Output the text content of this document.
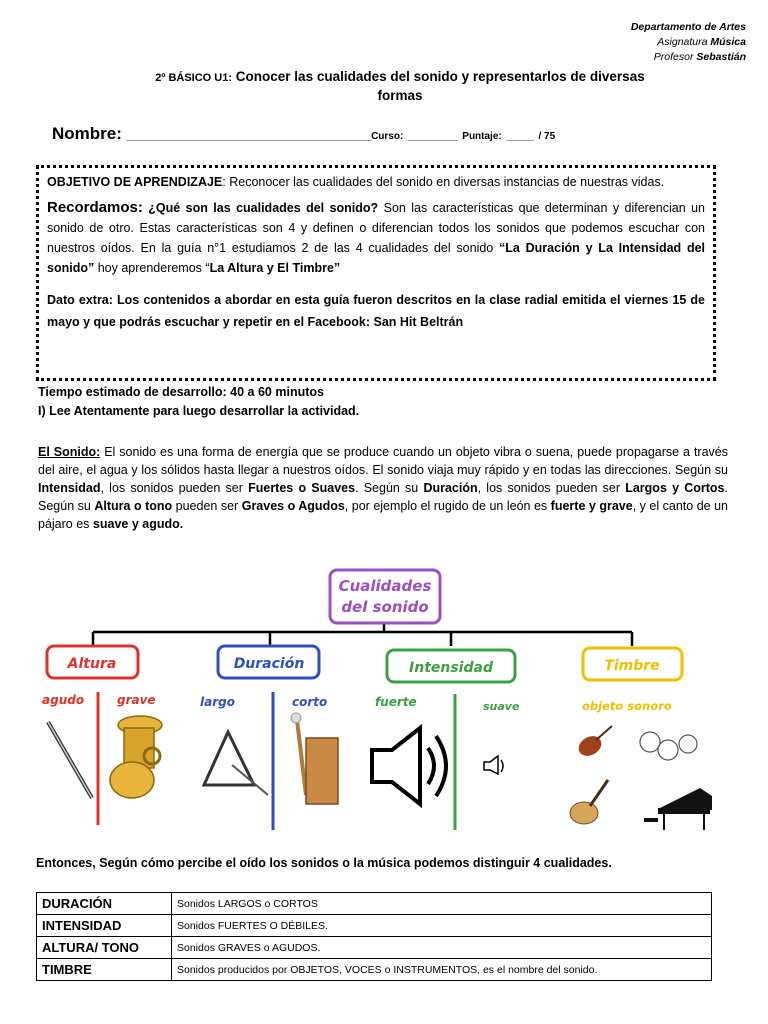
Departamento de Artes
Asignatura Música
Profesor Sebastián
2º BÁSICO U1: Conocer las cualidades del sonido y representarlos de diversas formas
Nombre: ____________________________________________Curso: _________ Puntaje: _____ / 75
OBJETIVO DE APRENDIZAJE: Reconocer las cualidades del sonido en diversas instancias de nuestras vidas.
Recordamos: ¿Qué son las cualidades del sonido? Son las características que determinan y diferencian un sonido de otro. Estas características son 4 y definen o diferencian todos los sonidos que podemos escuchar con nuestros oídos. En la guía n°1 estudiamos 2 de las 4 cualidades del sonido “La Duración y La Intensidad del sonido” hoy aprenderemos “La Altura y El Timbre”
Dato extra: Los contenidos a abordar en esta guía fueron descritos en la clase radial emitida el viernes 15 de mayo y que podrás escuchar y repetir en el Facebook: San Hit Beltrán
Tiempo estimado de desarrollo: 40 a 60 minutos
I) Lee Atentamente para luego desarrollar la actividad.
El Sonido: El sonido es una forma de energía que se produce cuando un objeto vibra o suena, puede propagarse a través del aire, el agua y los sólidos hasta llegar a nuestros oídos. El sonido viaja muy rápido y en todas las direcciones. Según su Intensidad, los sonidos pueden ser Fuertes o Suaves. Según su Duración, los sonidos pueden ser Largos y Cortos. Según su Altura o tono pueden ser Graves o Agudos, por ejemplo el rugido de un león es fuerte y grave, y el canto de un pájaro es suave y agudo.
Cualidades
del sonido
Altura	Duración	Intensidad	Timbre
agudo	grave	largo	corto	fuerte	suave	objeto sonoro
Entonces, Según cómo percibe el oído los sonidos o la música podemos distinguir 4 cualidades.
DURACIÓN	Sonidos LARGOS o CORTOS
INTENSIDAD	Sonidos FUERTES O DÉBILES.
ALTURA/ TONO	Sonidos GRAVES o AGUDOS.
TIMBRE	Sonidos producidos por OBJETOS, VOCES o INSTRUMENTOS, es el nombre del sonido.
